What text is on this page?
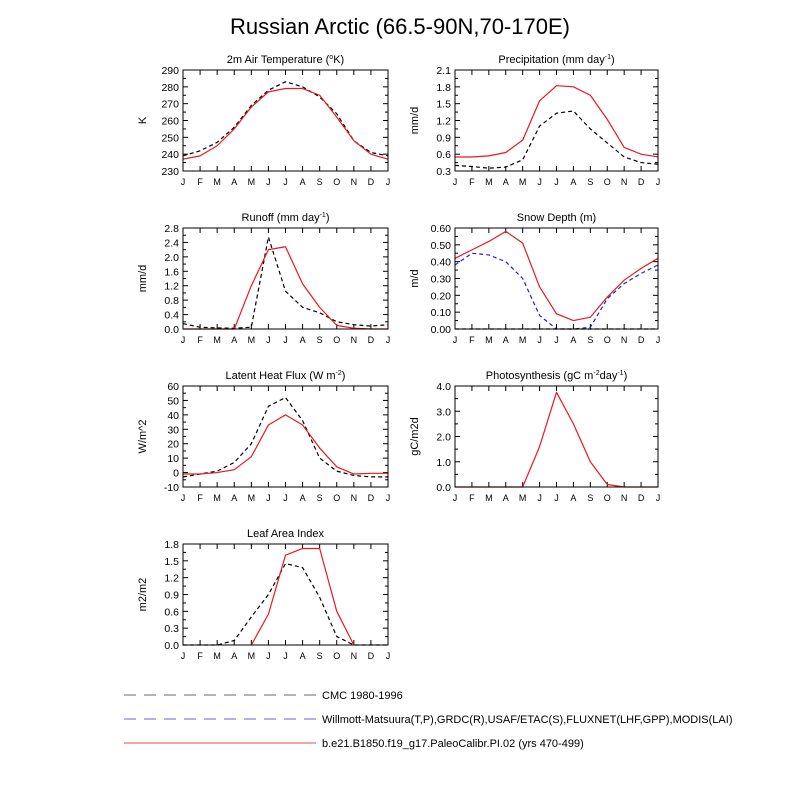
Russian Arctic (66.5-90N,70-170E)
2m Air Temperature ($^o$K)
K
230
240
250
260
270
280
290
J F M A M J J A S O N D J
Precipitation (mm day$^{-1}$)
mm/d
0.3
0.6
0.9
1.2
1.5
1.8
2.1
J F M A M J J A S O N D J
Runoff (mm day$^{-1}$)
mm/d
0.0
0.4
0.8
1.2
1.6
2.0
2.4
2.8
J F M A M J J A S O N D J
Snow Depth (m)
m/d
0.00
0.10
0.20
0.30
0.40
0.50
0.60
J F M A M J J A S O N D J
Latent Heat Flux (W $m^{-2}$)
W/m^2
-10
0
10
20
30
40
50
60
J F M A M J J A S O N D J
Photosynthesis (gC $m^{-2}day^{-1}$)
gC/m2d
0.0
1.0
2.0
3.0
4.0
J F M A M J J A S O N D J
Leaf Area Index
m2/m2
0.0
0.3
0.6
0.9
1.2
1.5
1.8
J F M A M J J A S O N D J
CMC 1980-1996
Willmott-Matsuura(T,P),GRDC(R),USAF/ETAC(S),FLUXNET(LHF,GPP),MODIS(LAI)
b.e21.B1850.f19_g17.PaleoCalibr.PI.02 (yrs 470-499)
